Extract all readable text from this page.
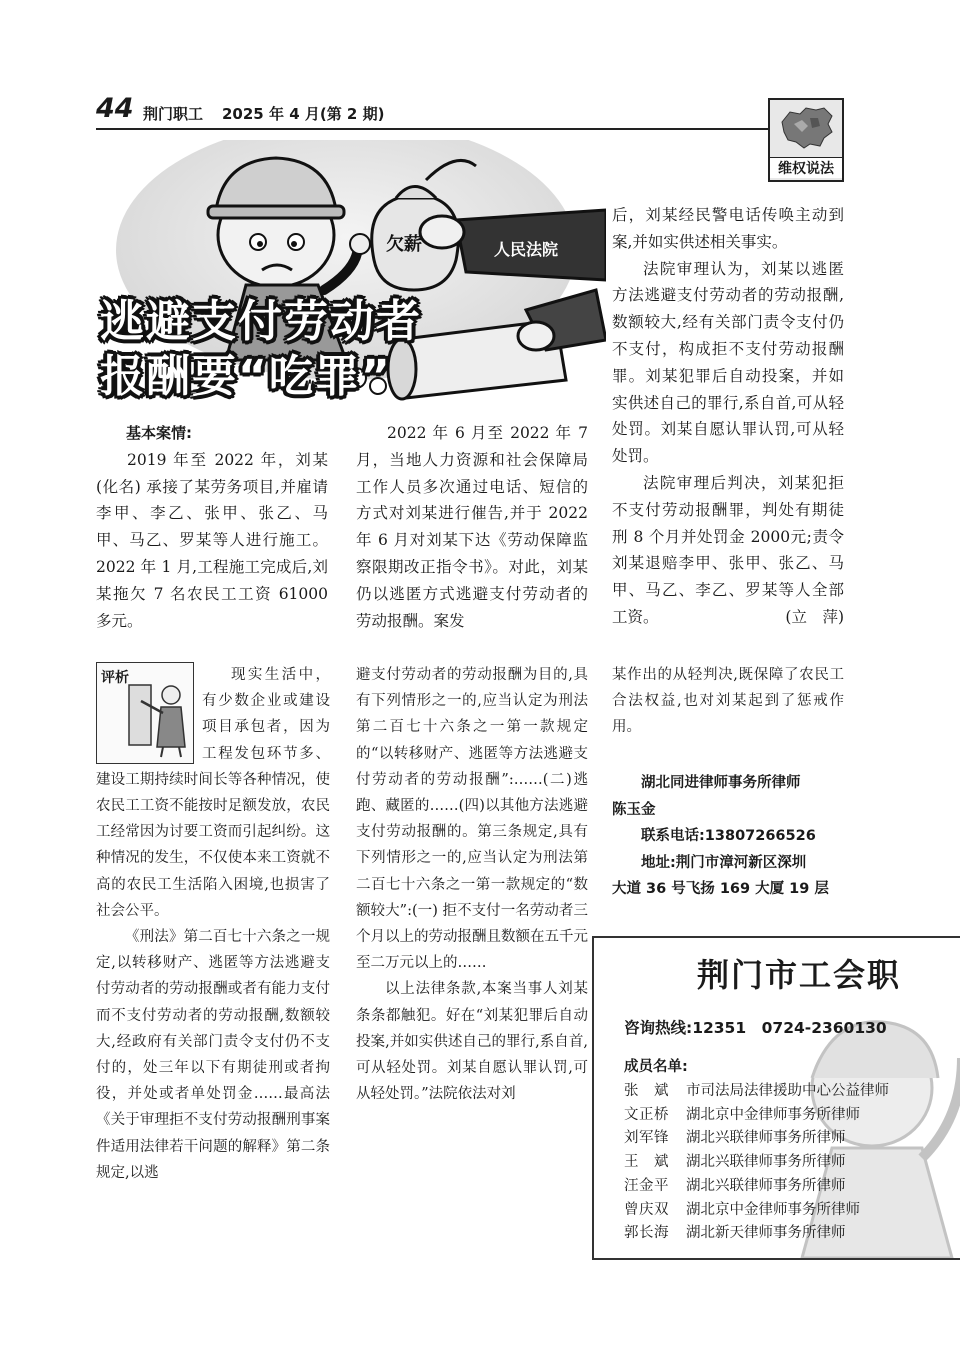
44 荆门职工 2025 年 4 月(第 2 期)
维权说法
欠薪	人民法院
逃避支付劳动者
报酬要“吃罪”
基本案情:

2019 年至 2022 年，刘某(化名) 承接了某劳务项目,并雇请李甲、李乙、张甲、张乙、马甲、马乙、罗某等人进行施工。2022 年 1 月,工程施工完成后,刘某拖欠 7 名农民工工资 61000 多元。

2022 年 6 月至 2022 年 7 月，当地人力资源和社会保障局工作人员多次通过电话、短信的方式对刘某进行催告,并于 2022 年 6 月对刘某下达《劳动保障监察限期改正指令书》。对此，刘某仍以逃匿方式逃避支付劳动者的劳动报酬。案发

后，刘某经民警电话传唤主动到案,并如实供述相关事实。

法院审理认为，刘某以逃匿方法逃避支付劳动者的劳动报酬,数额较大,经有关部门责令支付仍不支付，构成拒不支付劳动报酬罪。刘某犯罪后自动投案，并如实供述自己的罪行,系自首,可从轻处罚。刘某自愿认罪认罚,可从轻处罚。

法院审理后判决，刘某犯拒不支付劳动报酬罪，判处有期徒刑 8 个月并处罚金 2000元;责令刘某退赔李甲、张甲、张乙、马甲、马乙、李乙、罗某等人全部工资。	(立　萍)

现实生活中，有少数企业或建设项目承包者，因为工程发包环节多、建设工期持续时间长等各种情况，使农民工工资不能按时足额发放，农民工经常因为讨要工资而引起纠纷。这种情况的发生，不仅使本来工资就不高的农民工生活陷入困境,也损害了社会公平。

《刑法》第二百七十六条之一规定,以转移财产、逃匿等方法逃避支付劳动者的劳动报酬或者有能力支付而不支付劳动者的劳动报酬,数额较大,经政府有关部门责令支付仍不支付的，处三年以下有期徒刑或者拘役，并处或者单处罚金……最高法《关于审理拒不支付劳动报酬刑事案件适用法律若干问题的解释》第二条规定,以逃

评析	避支付劳动者的劳动报酬为目的,具有下列情形之一的,应当认定为刑法第二百七十六条之一第一款规定的“以转移财产、逃匿等方法逃避支付劳动者的劳动报酬”:……(二)逃跑、藏匿的……(四)以其他方法逃避支付劳动报酬的。第三条规定,具有下列情形之一的,应当认定为刑法第二百七十六条之一第一款规定的“数额较大”:(一) 拒不支付一名劳动者三个月以上的劳动报酬且数额在五千元至二万元以上的……

以上法律条款,本案当事人刘某条条都触犯。好在“刘某犯罪后自动投案,并如实供述自己的罪行,系自首,可从轻处罚。刘某自愿认罪认罚,可从轻处罚。”法院依法对刘

某作出的从轻判决,既保障了农民工合法权益,也对刘某起到了惩戒作用。

湖北同进律师事务所律师
陈玉金
联系电话:13807266526
地址:荆门市漳河新区深圳
大道 36 号飞扬 169 大厦 19 层
荆门市工会职
咨询热线:12351　0724-2360130
成员名单:
张　斌 市司法局法律援助中心公益律师
文正桥 湖北京中金律师事务所律师
刘军锋 湖北兴联律师事务所律师
王　斌 湖北兴联律师事务所律师
汪金平 湖北兴联律师事务所律师
曾庆双 湖北京中金律师事务所律师
郭长海 湖北新天律师事务所律师
